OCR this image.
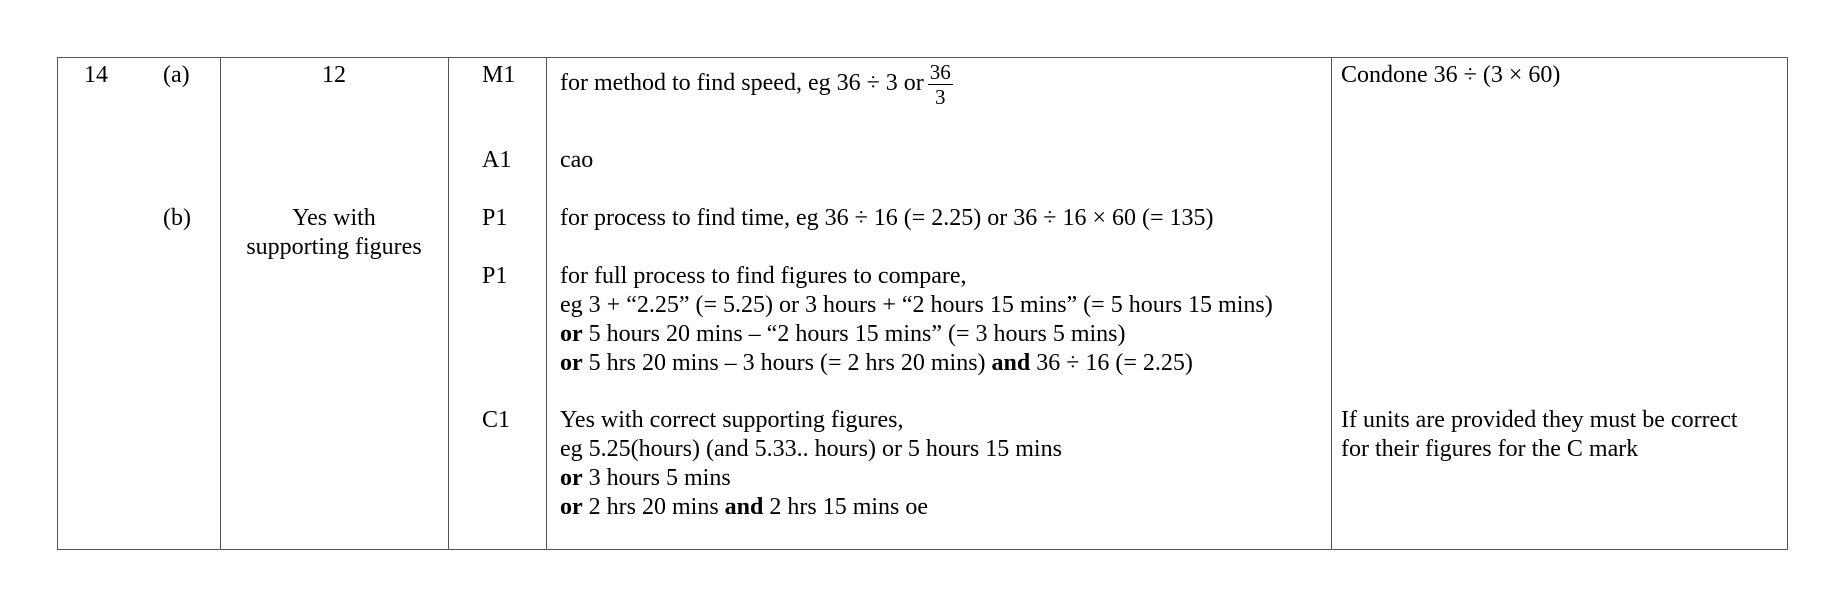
14 (a)
(b)
12
Yes with
supporting figures
M1
A1
P1
P1
C1
for method to find speed, eg 36 ÷ 3 or $\frac{36}{3}$
cao
for process to find time, eg 36 ÷ 16 (= 2.25) or 36 ÷ 16 × 60 (= 135)
for full process to find figures to compare,
eg 3 + “2.25” (= 5.25) or 3 hours + “2 hours 15 mins” (= 5 hours 15 mins)
or 5 hours 20 mins – “2 hours 15 mins” (= 3 hours 5 mins)
or 5 hrs 20 mins – 3 hours (= 2 hrs 20 mins) and 36 ÷ 16 (= 2.25)
Yes with correct supporting figures,
eg 5.25(hours) (and 5.33.. hours) or 5 hours 15 mins
or 3 hours 5 mins
or 2 hrs 20 mins and 2 hrs 15 mins oe
Condone 36 ÷ (3 × 60)
If units are provided they must be correct
for their figures for the C mark
